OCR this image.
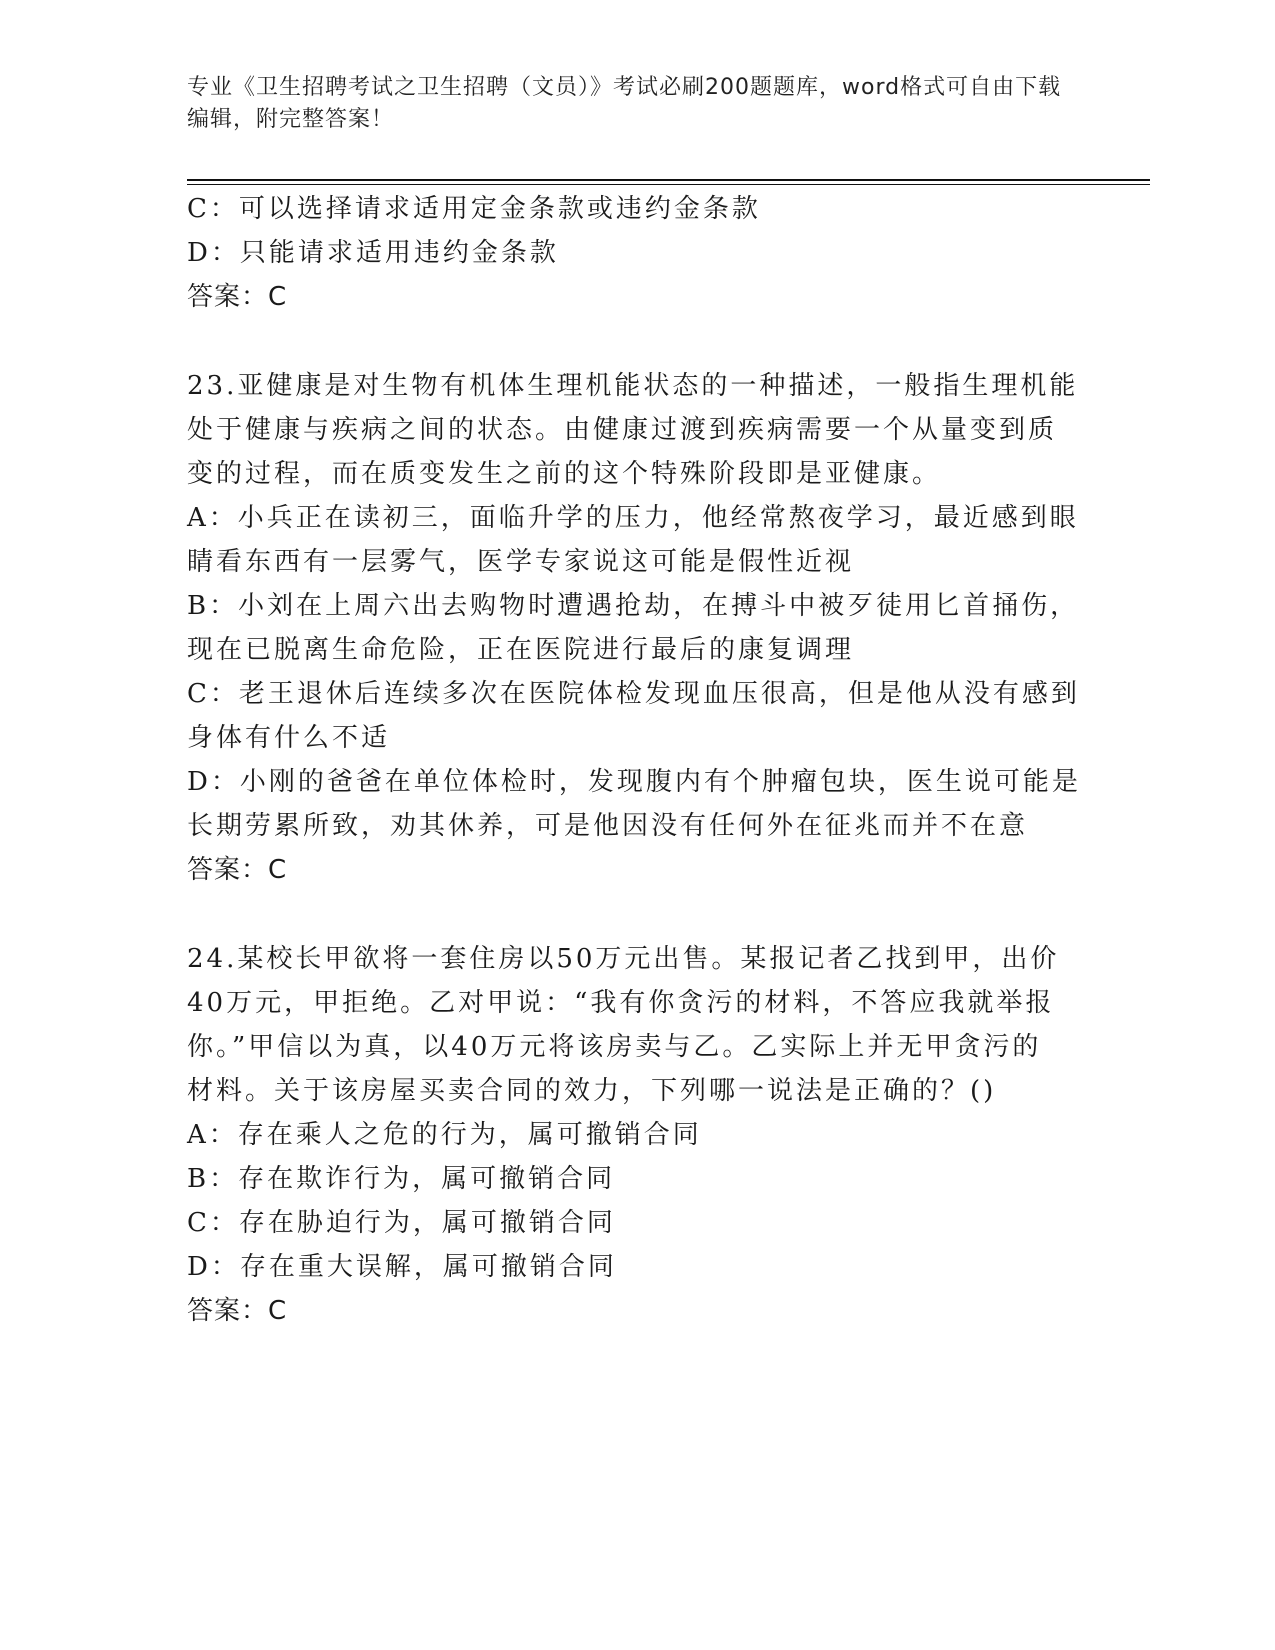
专业《卫生招聘考试之卫生招聘（文员）》考试必刷200题题库，word格式可自由下载编辑，附完整答案！
C：可以选择请求适用定金条款或违约金条款
D：只能请求适用违约金条款
答案：C
23.亚健康是对生物有机体生理机能状态的一种描述，一般指生理机能
处于健康与疾病之间的状态。由健康过渡到疾病需要一个从量变到质
变的过程，而在质变发生之前的这个特殊阶段即是亚健康。
A：小兵正在读初三，面临升学的压力，他经常熬夜学习，最近感到眼
睛看东西有一层雾气，医学专家说这可能是假性近视
B：小刘在上周六出去购物时遭遇抢劫，在搏斗中被歹徒用匕首捅伤，
现在已脱离生命危险，正在医院进行最后的康复调理
C：老王退休后连续多次在医院体检发现血压很高，但是他从没有感到
身体有什么不适
D：小刚的爸爸在单位体检时，发现腹内有个肿瘤包块，医生说可能是
长期劳累所致，劝其休养，可是他因没有任何外在征兆而并不在意
答案：C
24.某校长甲欲将一套住房以50万元出售。某报记者乙找到甲，出价
40万元，甲拒绝。乙对甲说：“我有你贪污的材料，不答应我就举报
你。”甲信以为真，以40万元将该房卖与乙。乙实际上并无甲贪污的
材料。关于该房屋买卖合同的效力，下列哪一说法是正确的？()
A：存在乘人之危的行为，属可撤销合同
B：存在欺诈行为，属可撤销合同
C：存在胁迫行为，属可撤销合同
D：存在重大误解，属可撤销合同
答案：C
